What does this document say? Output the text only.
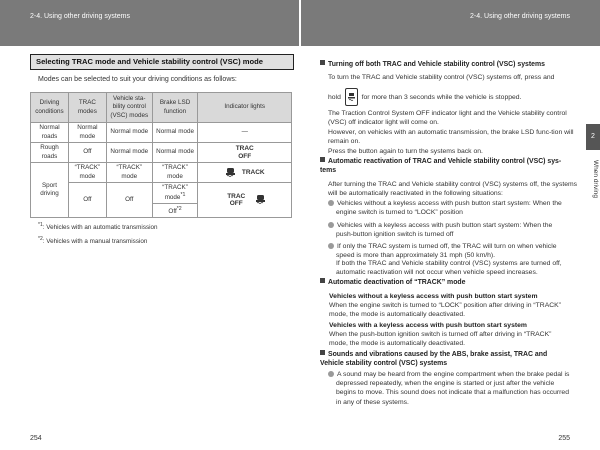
2-4. Using other driving systems	2-4. Using other driving systems
Selecting TRAC mode and Vehicle stability control (VSC) mode
Modes can be selected to suit your driving conditions as follows:
Driving conditions	TRAC modes	Vehicle sta-bility control (VSC) modes	Brake LSD function	Indicator lights
Normal roads	Normal mode	Normal mode	Normal mode	—
Rough roads	Off	Normal mode	Normal mode	TRAC OFF

Sport driving	“TRACK” mode	“TRACK” mode	“TRACK” mode	TRACK

	Off	Off	“TRACK” mode$^{*1}$	TRAC OFF

			Off$^{*2}$
$^{*1}$: Vehicles with an automatic transmission
$^{*2}$: Vehicles with a manual transmission
254
Turning off both TRAC and Vehicle stability control (VSC) systems
To turn the TRAC and Vehicle stability control (VSC) systems off, press and
hold	for more than 3 seconds while the vehicle is stopped.
The Traction Control System OFF indicator light and the Vehicle stability control (VSC) off indicator light will come on.
However, on vehicles with an automatic transmission, the brake LSD func-tion will remain on.
Press the button again to turn the systems back on.
Automatic reactivation of TRAC and Vehicle stability control (VSC) sys-tems
After turning the TRAC and Vehicle stability control (VSC) systems off, the systems will be automatically reactivated in the following situations:
Vehicles without a keyless access with push button start system: When the engine switch is turned to “LOCK” position
Vehicles with a keyless access with push button start system: When the push-button ignition switch is turned off
If only the TRAC system is turned off, the TRAC will turn on when vehicle speed is more than approximately 31 mph (50 km/h).
If both the TRAC and Vehicle stability control (VSC) systems are turned off, automatic reactivation will not occur when vehicle speed increases.
Automatic deactivation of “TRACK” mode
Vehicles without a keyless access with push button start system
When the engine switch is turned to “LOCK” position after driving in “TRACK” mode, the mode is automatically deactivated.
Vehicles with a keyless access with push button start system
When the push-button ignition switch is turned off after driving in “TRACK” mode, the mode is automatically deactivated.
Sounds and vibrations caused by the ABS, brake assist, TRAC and Vehicle stability control (VSC) systems
A sound may be heard from the engine compartment when the brake pedal is depressed repeatedly, when the engine is started or just after the vehicle begins to move. This sound does not indicate that a malfunction has occurred in any of these systems.
255
2
When driving
